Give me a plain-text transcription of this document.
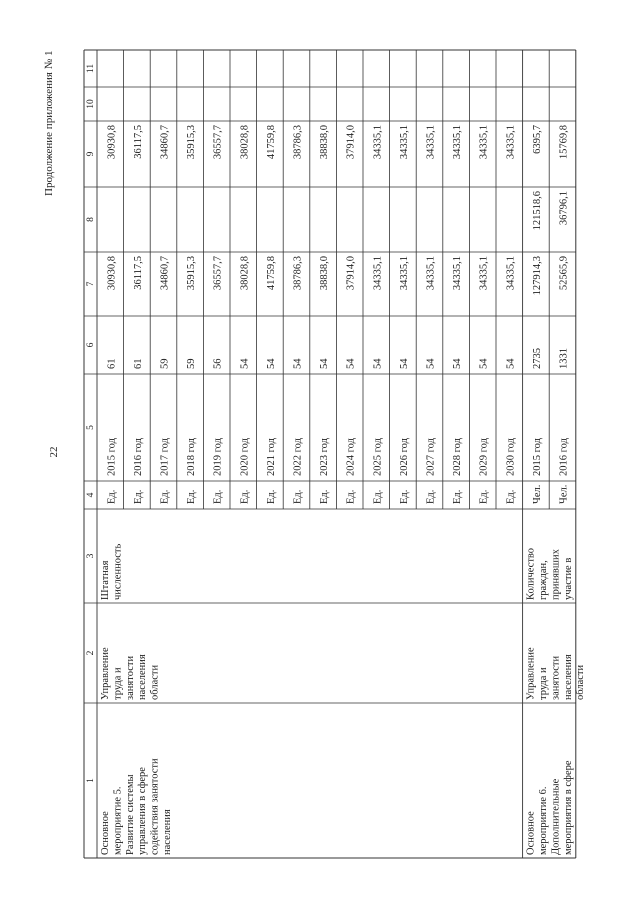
22
Продолжение приложения № 1
1
2
3
4
5
6
7
8
9
10
11
Ед.
2015 год
61
30930,8
30930,8
Ед.
2016 год
61
36117,5
36117,5
Ед.
2017 год
59
34860,7
34860,7
Ед.
2018 год
59
35915,3
35915,3
Ед.
2019 год
56
36557,7
36557,7
Ед.
2020 год
54
38028,8
38028,8
Ед.
2021 год
54
41759,8
41759,8
Ед.
2022 год
54
38786,3
38786,3
Ед.
2023 год
54
38838,0
38838,0
Ед.
2024 год
54
37914,0
37914,0
Ед.
2025 год
54
34335,1
34335,1
Ед.
2026 год
54
34335,1
34335,1
Ед.
2027 год
54
34335,1
34335,1
Ед.
2028 год
54
34335,1
34335,1
Ед.
2029 год
54
34335,1
34335,1
Ед.
2030 год
54
34335,1
34335,1
Основное мероприятие 5. Развитие системы управления в сфере содействия занятости населения
Управление труда и занятости населения области
Штатная численность
Чел.
2015 год
2735
127914,3
121518,6
6395,7
Чел.
2016 год
1331
52565,9
36796,1
15769,8
Основное мероприятие 6. Дополнительные мероприятия в сфере
Управление труда и занятости населения области
Количество граждан, принявших участие в
